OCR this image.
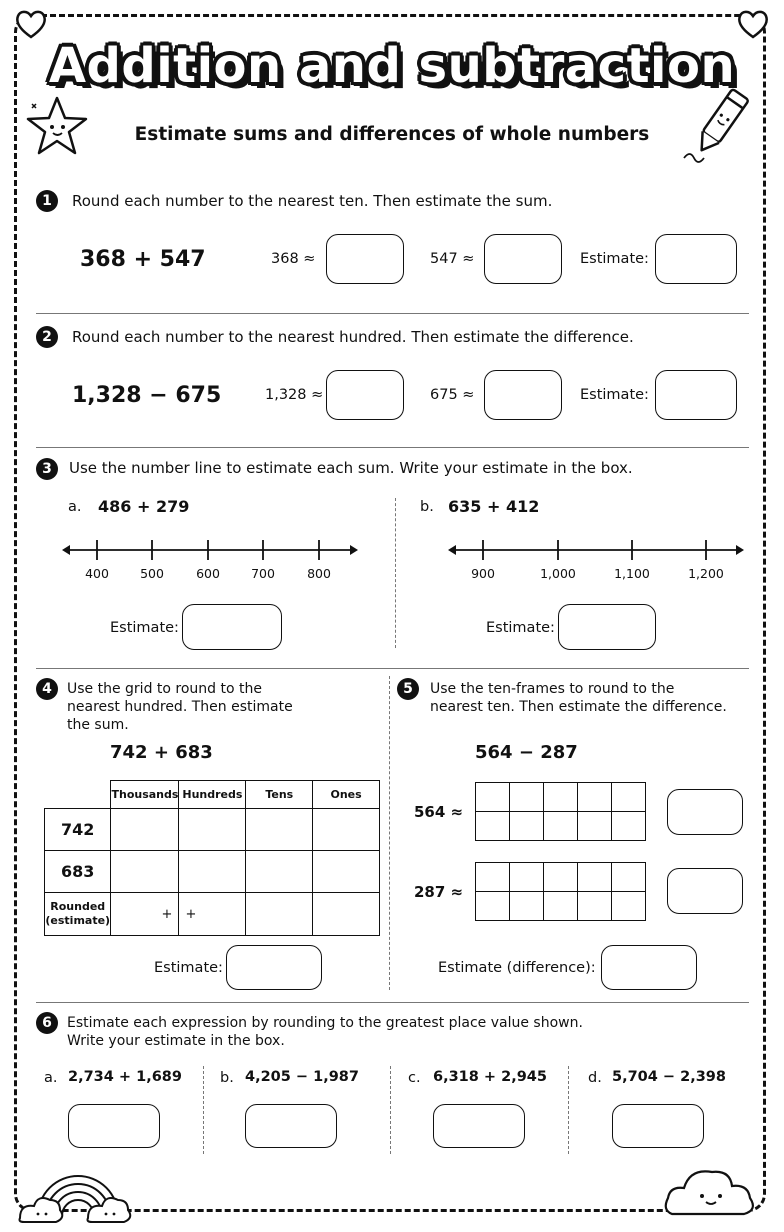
Addition and subtraction
Estimate sums and differences of whole numbers
1	Round each number to the nearest ten. Then estimate the sum.
368 + 547	368 ≈	547 ≈	Estimate:
2	Round each number to the nearest hundred. Then estimate the difference.
1,328 − 675	1,328 ≈	675 ≈	Estimate:
3	Use the number line to estimate each sum. Write your estimate in the box.
a. 486 + 279
400 500	600 700	800
Estimate:
b. 635 + 412
900	1,000	1,100	1,200
Estimate:
4	Use the grid to round to the
nearest hundred. Then estimate
the sum.
742 + 683
	Thousands	Hundreds	Tens	Ones
742				
683				

Rounded
(estimate)	+	+		
Estimate:
5	Use the ten-frames to round to the
nearest ten. Then estimate the difference.
564 − 287
564 ≈

287 ≈

Estimate (difference):
6	Estimate each expression by rounding to the greatest place value shown.
Write your estimate in the box.
a. 2,734 + 1,689	b. 4,205 − 1,987	c. 6,318 + 2,945	d. 5,704 − 2,398
